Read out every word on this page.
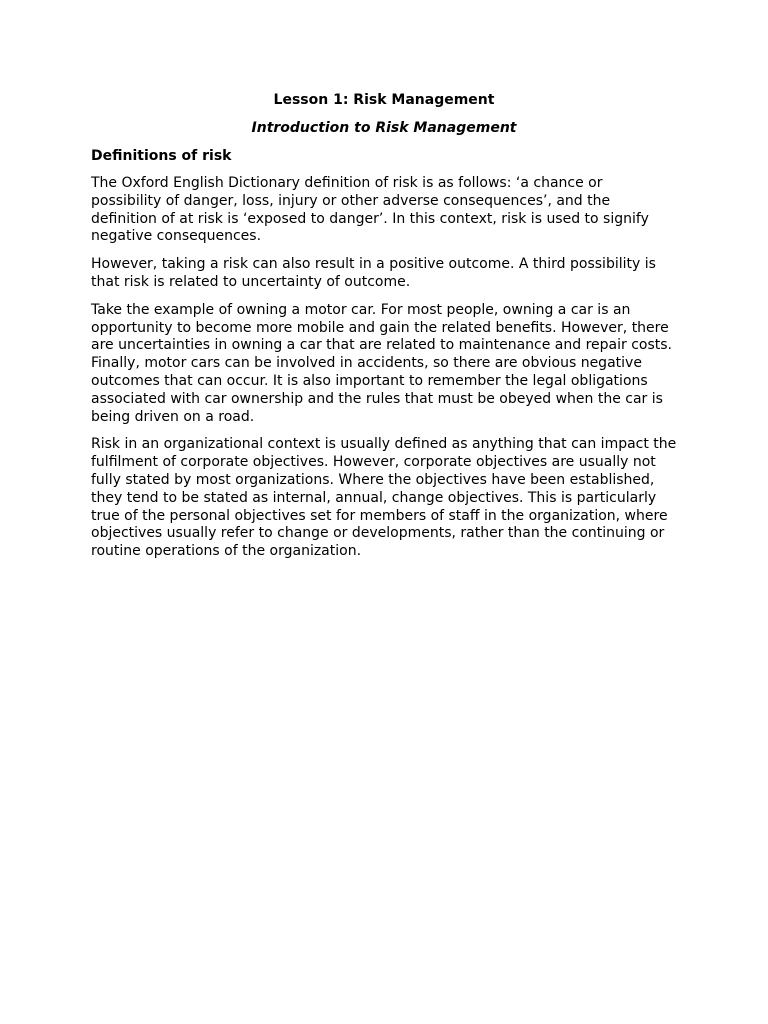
Lesson 1: Risk Management
Introduction to Risk Management
Definitions of risk

The Oxford English Dictionary definition of risk is as follows: ‘a chance or possibility of danger, loss, injury or other adverse consequences’, and the definition of at risk is ‘exposed to danger’. In this context, risk is used to signify negative consequences.

However, taking a risk can also result in a positive outcome. A third possibility is that risk is related to uncertainty of outcome.

Take the example of owning a motor car. For most people, owning a car is an opportunity to become more mobile and gain the related benefits. However, there are uncertainties in owning a car that are related to maintenance and repair costs. Finally, motor cars can be involved in accidents, so there are obvious negative outcomes that can occur. It is also important to remember the legal obligations associated with car ownership and the rules that must be obeyed when the car is being driven on a road.

Risk in an organizational context is usually defined as anything that can impact the fulfilment of corporate objectives. However, corporate objectives are usually not fully stated by most organizations. Where the objectives have been established, they tend to be stated as internal, annual, change objectives. This is particularly true of the personal objectives set for members of staff in the organization, where objectives usually refer to change or developments, rather than the continuing or routine operations of the organization.
